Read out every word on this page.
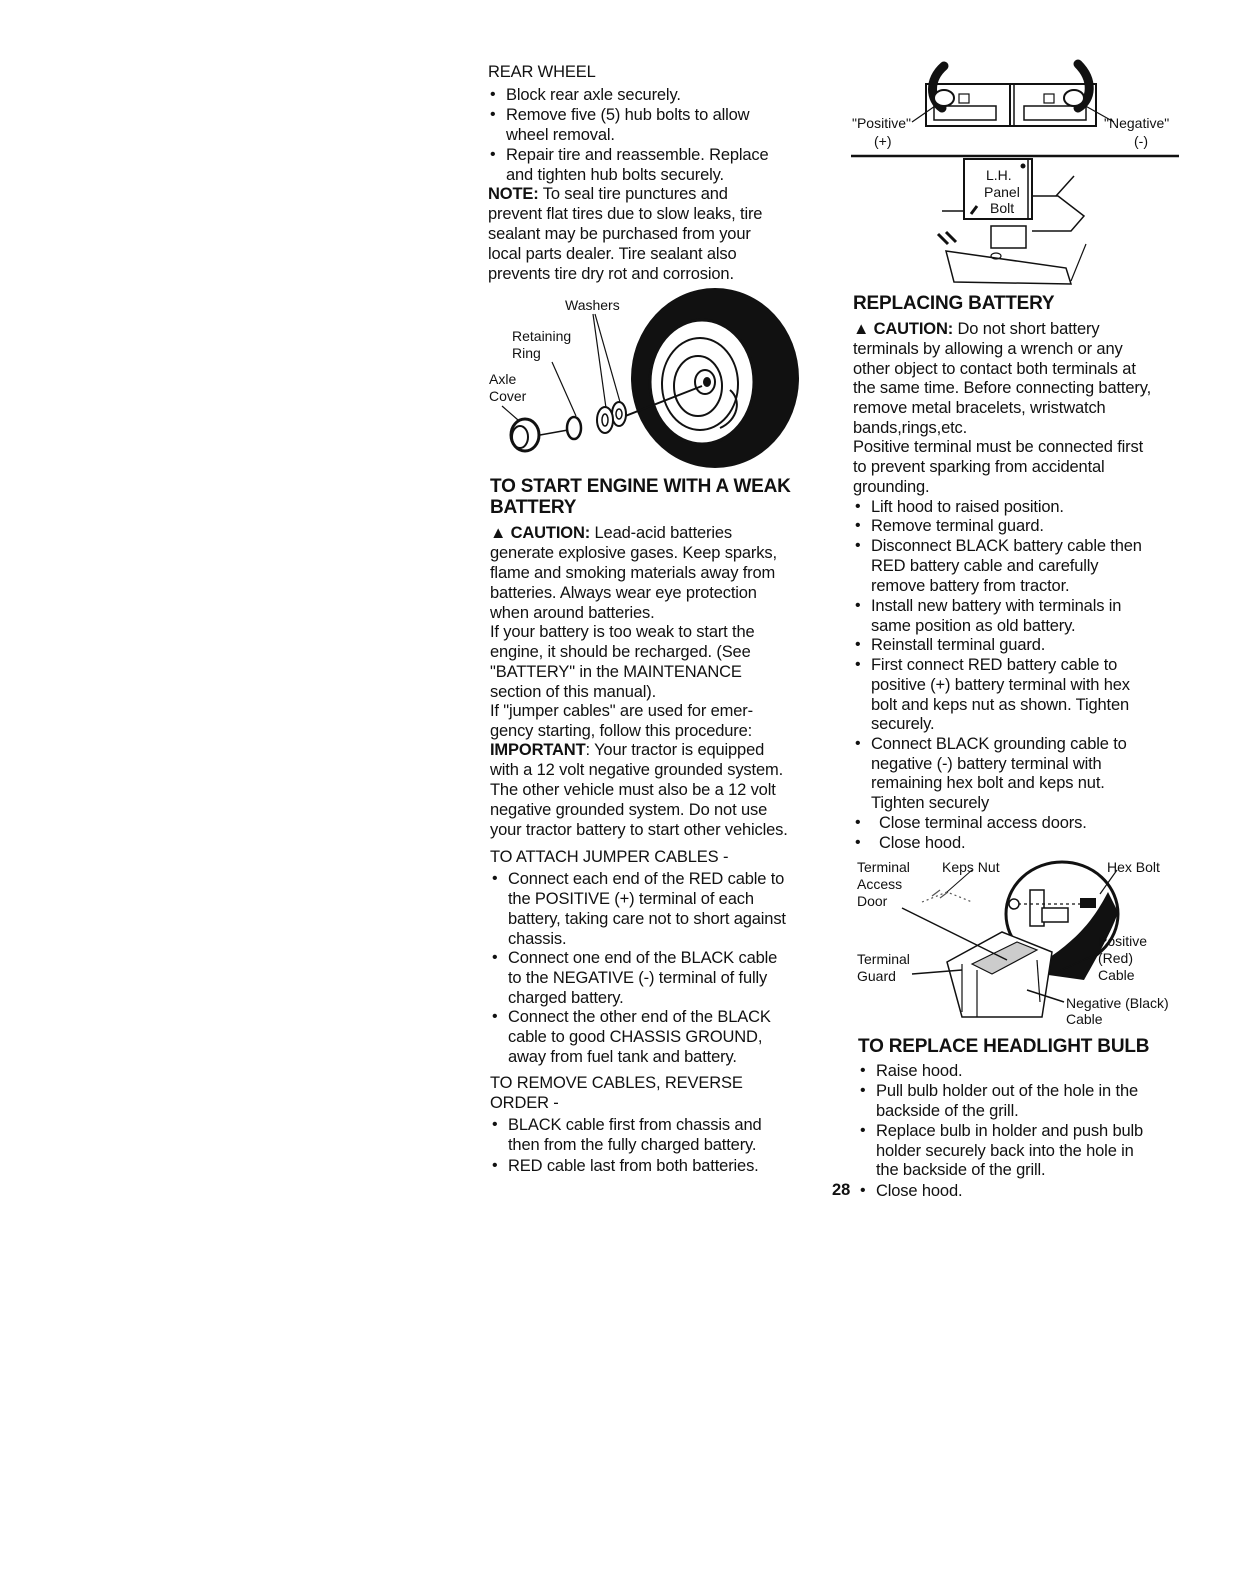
REAR WHEEL
• Block rear axle securely.
• Remove five (5) hub bolts to allow
wheel removal.
• Repair tire and reassemble. Replace
and tighten hub bolts securely.
NOTE: To seal tire punctures and
prevent flat tires due to slow leaks, tire
sealant may be purchased from your
local parts dealer. Tire sealant also
prevents tire dry rot and corrosion.
Washers
Retaining
Ring
Axle
Cover
TO START ENGINE WITH A WEAK
BATTERY
▲ CAUTION: Lead-acid batteries
generate explosive gases. Keep sparks,
flame and smoking materials away from
batteries. Always wear eye protection
when around batteries.
If your battery is too weak to start the
engine, it should be recharged. (See
"BATTERY" in the MAINTENANCE
section of this manual).
If "jumper cables" are used for emer-
gency starting, follow this procedure:
IMPORTANT: Your tractor is equipped
with a 12 volt negative grounded system.
The other vehicle must also be a 12 volt
negative grounded system. Do not use
your tractor battery to start other vehicles.
TO ATTACH JUMPER CABLES -
• Connect each end of the RED cable to
the POSITIVE (+) terminal of each
battery, taking care not to short against
chassis.
• Connect one end of the BLACK cable
to the NEGATIVE (-) terminal of fully
charged battery.
• Connect the other end of the BLACK
cable to good CHASSIS GROUND,
away from fuel tank and battery.
TO REMOVE CABLES, REVERSE
ORDER -
• BLACK cable first from chassis and
then from the fully charged battery.
• RED cable last from both batteries.
"Positive"
(+)
"Negative"
(-)
L.H.
Panel
Bolt
REPLACING BATTERY
▲ CAUTION: Do not short battery
terminals by allowing a wrench or any
other object to contact both terminals at
the same time. Before connecting battery,
remove metal bracelets, wristwatch
bands,rings,etc.
Positive terminal must be connected first
to prevent sparking from accidental
grounding.
• Lift hood to raised position.
• Remove terminal guard.
• Disconnect BLACK battery cable then
RED battery cable and carefully
remove battery from tractor.
• Install new battery with terminals in
same position as old battery.
• Reinstall terminal guard.
• First connect RED battery cable to
positive (+) battery terminal with hex
bolt and keps nut as shown. Tighten
securely.
• Connect BLACK grounding cable to
negative (-) battery terminal with
remaining hex bolt and keps nut.
Tighten securely
• Close terminal access doors.
• Close hood.
Terminal
Access
Door
Keps Nut	Hex Bolt
Terminal
Guard
Positive
(Red)
Cable
Negative (Black)
Cable
TO REPLACE HEADLIGHT BULB
• Raise hood.
• Pull bulb holder out of the hole in the
backside of the grill.
• Replace bulb in holder and push bulb
holder securely back into the hole in
the backside of the grill.
• Close hood.
28
